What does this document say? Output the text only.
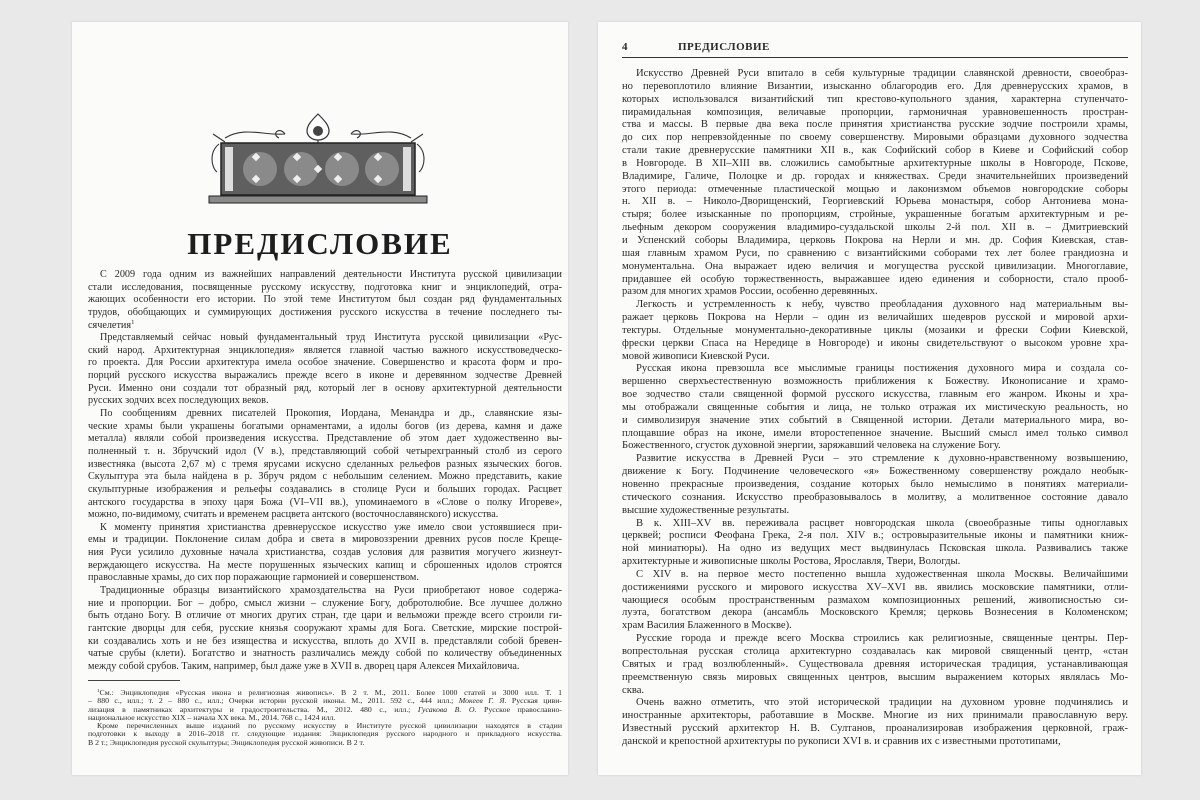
ПРЕДИСЛОВИЕ
С 2009 года одним из важнейших направлений деятельности Института русской цивилизации
стали исследования, посвященные русскому искусству, подготовка книг и энциклопедий, отра-
жающих особенности его истории. По этой теме Институтом был создан ряд фундаментальных
трудов, обобщающих и суммирующих достижения русского искусства в течение последнего ты-
сячелетия$^1$
Представляемый сейчас новый фундаментальный труд Института русской цивилизации «Рус-
ский народ. Архитектурная энциклопедия» является главной частью важного искусствоведческо-
го проекта. Для России архитектура имела особое значение. Совершенство и красота форм и про-
порций русского искусства выражались прежде всего в иконе и деревянном зодчестве Древней
Руси. Именно они создали тот образный ряд, который лег в основу архитектурной деятельности
русских зодчих всех последующих веков.
По сообщениям древних писателей Прокопия, Иордана, Менандра и др., славянские язы-
ческие храмы были украшены богатыми орнаментами, а идолы богов (из дерева, камня и даже
металла) являли собой произведения искусства. Представление об этом дает художественно вы-
полненный т. н. Збручский идол (V в.), представляющий собой четырехгранный столб из серого
известняка (высота 2,67 м) с тремя ярусами искусно сделанных рельефов разных языческих богов.
Скульптура эта была найдена в р. Збруч рядом с небольшим селением. Можно представить, какие
скульптурные изображения и рельефы создавались в столице Руси и больших городах. Расцвет
антского государства в эпоху царя Божа (VI–VII вв.), упоминаемого в «Слове о полку Игореве»,
можно, по-видимому, считать и временем расцвета антского (восточнославянского) искусства.
К моменту принятия христианства древнерусское искусство уже имело свои устоявшиеся при-
емы и традиции. Поклонение силам добра и света в мировоззрении древних русов после Креще-
ния Руси усилило духовные начала христианства, создав условия для развития могучего жизнеут-
верждающего искусства. На месте порушенных языческих капищ и сброшенных идолов строятся
православные храмы, до сих пор поражающие гармонией и совершенством.
Традиционные образцы византийского храмоздательства на Руси приобретают новое содержа-
ние и пропорции. Бог – добро, смысл жизни – служение Богу, добротолюбие. Все лучшее должно
быть отдано Богу. В отличие от многих других стран, где цари и вельможи прежде всего строили ги-
гантские дворцы для себя, русские князья сооружают храмы для Бога. Светские, мирские построй-
ки создавались хоть и не без изящества и искусства, вплоть до XVII в. представляли собой бревен-
чатые срубы (клети). Богатство и знатность различались между собой по количеству объединенных
между собой срубов. Таким, например, был даже уже в XVII в. дворец царя Алексея Михайловича.
$^1$См.: Энциклопедия «Русская икона и религиозная живопись». В 2 т. М., 2011. Более 1000 статей и 3000 илл. Т. 1
– 880 с., илл.; т. 2 – 880 с., илл.; Очерки истории русской иконы. М., 2011. 592 с., 444 илл.; Мокеев Г. Я. Русская циви-
лизация в памятниках архитектуры и градостроительства. М., 2012. 480 с., илл.; Гусакова В. О. Русское православно-
национальное искусство XIX – начала XX века. М., 2014. 768 с., 1424 илл.
Кроме перечисленных выше изданий по русскому искусству в Институте русской цивилизации находятся в стадии
подготовки к выходу в 2016–2018 гг. следующие издания: Энциклопедия русского народного и прикладного искусства.
В 2 т.; Энциклопедия русской скульптуры; Энциклопедия русской живописи. В 2 т.
4	ПРЕДИСЛОВИЕ
Искусство Древней Руси впитало в себя культурные традиции славянской древности, своеобраз-
но перевоплотило влияние Византии, изысканно облагородив его. Для древнерусских храмов, в
которых использовался византийский тип крестово-купольного здания, характерна ступенчато-
пирамидальная композиция, величавые пропорции, гармоничная уравновешенность простран-
ства и массы. В первые два века после принятия христианства русские зодчие построили храмы,
до сих пор непревзойденные по своему совершенству. Мировыми образцами духовного зодчества
стали такие древнерусские памятники XII в., как Софийский собор в Киеве и Софийский собор
в Новгороде. В XII–XIII вв. сложились самобытные архитектурные школы в Новгороде, Пскове,
Владимире, Галиче, Полоцке и др. городах и княжествах. Среди значительнейших произведений
этого периода: отмеченные пластической мощью и лаконизмом объемов новгородские соборы
н. XII в. – Николо-Дворищенский, Георгиевский Юрьева монастыря, собор Антониева мона-
стыря; более изысканные по пропорциям, стройные, украшенные богатым архитектурным и ре-
льефным декором сооружения владимиро-суздальской школы 2-й пол. XII в. – Дмитриевский
и Успенский соборы Владимира, церковь Покрова на Нерли и мн. др. София Киевская, став-
шая главным храмом Руси, по сравнению с византийскими соборами тех лет более грандиозна и
монументальна. Она выражает идею величия и могущества русской цивилизации. Многоглавие,
придавшее ей особую торжественность, выражавшее идею единения и соборности, стало прооб-
разом для многих храмов России, особенно деревянных.
Легкость и устремленность к небу, чувство преобладания духовного над материальным вы-
ражает церковь Покрова на Нерли – один из величайших шедевров русской и мировой архи-
тектуры. Отдельные монументально-декоративные циклы (мозаики и фрески Софии Киевской,
фрески церкви Спаса на Нередице в Новгороде) и иконы свидетельствуют о высоком уровне хра-
мовой живописи Киевской Руси.
Русская икона превзошла все мыслимые границы постижения духовного мира и создала со-
вершенно сверхъестественную возможность приближения к Божеству. Иконописание и храмо-
вое зодчество стали священной формой русского искусства, главным его жанром. Иконы и хра-
мы отображали священные события и лица, не только отражая их мистическую реальность, но
и символизируя значение этих событий в Священной истории. Детали материального мира, во-
площавшие образ на иконе, имели второстепенное значение. Высший смысл имел только символ
Божественного, сгусток духовной энергии, заряжавший человека на служение Богу.
Развитие искусства в Древней Руси – это стремление к духовно-нравственному возвышению,
движение к Богу. Подчинение человеческого «я» Божественному совершенству рождало необык-
новенно прекрасные произведения, создание которых было немыслимо в понятиях материали-
стического сознания. Искусство преобразовывалось в молитву, а молитвенное состояние давало
высшие художественные результаты.
В к. XIII–XV вв. переживала расцвет новгородская школа (своеобразные типы одноглавых
церквей; росписи Феофана Грека, 2-я пол. XIV в.; островыразительные иконы и памятники книж-
ной миниатюры). На одно из ведущих мест выдвинулась Псковская школа. Развивались также
архитектурные и живописные школы Ростова, Ярославля, Твери, Вологды.
С XIV в. на первое место постепенно вышла художественная школа Москвы. Величайшими
достижениями русского и мирового искусства XV–XVI вв. явились московские памятники, отли-
чающиеся особым пространственным размахом композиционных решений, живописностью си-
луэта, богатством декора (ансамбль Московского Кремля; церковь Вознесения в Коломенском;
храм Василия Блаженного в Москве).
Русские города и прежде всего Москва строились как религиозные, священные центры. Пер-
вопрестольная русская столица архитектурно создавалась как мировой священный центр, «стан
Святых и град возлюбленный». Существовала древняя историческая традиция, устанавливающая
преемственную связь мировых священных центров, высшим выражением которых являлась Мо-
сква.
Очень важно отметить, что этой исторической традиции на духовном уровне подчинялись и
иностранные архитекторы, работавшие в Москве. Многие из них принимали православную веру.
Известный русский архитектор Н. В. Султанов, проанализировав изображения церковной, граж-
данской и крепостной архитектуры по рукописи XVI в. и сравнив их с известными прототипами,
